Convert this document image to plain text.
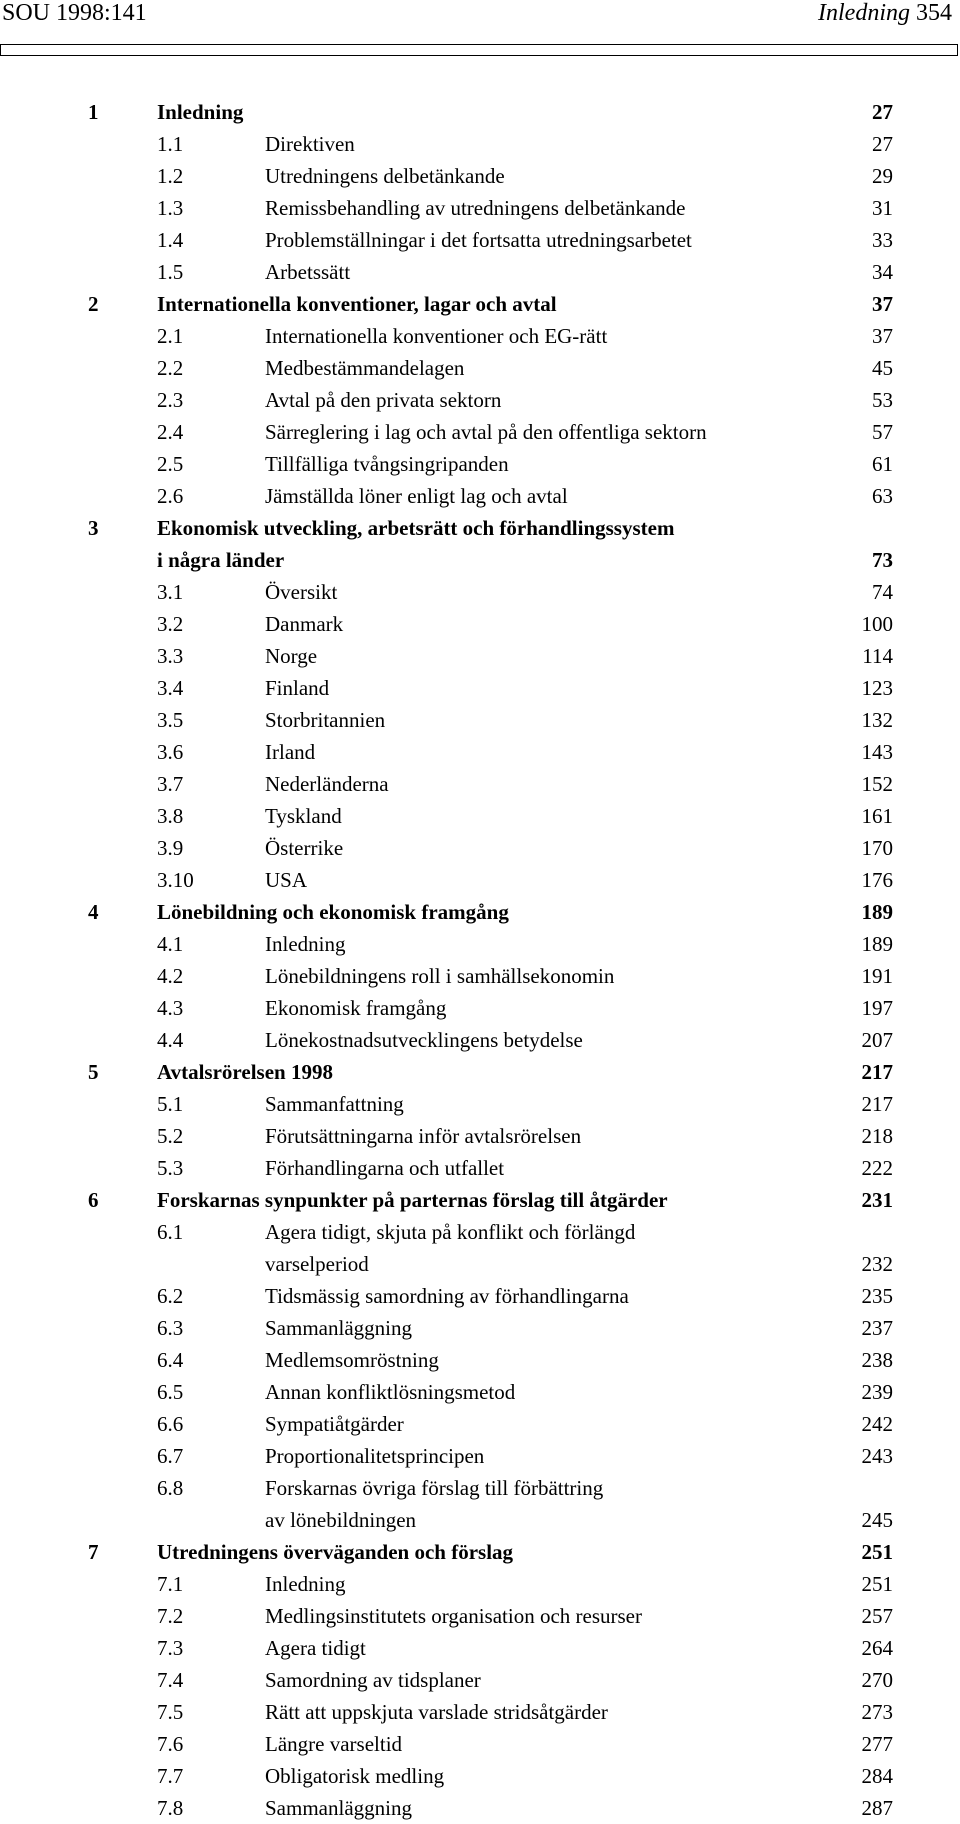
SOU 1998:141	Inledning 354
1	Inledning	27
1.1	Direktiven	27
1.2	Utredningens delbetänkande	29
1.3	Remissbehandling av utredningens delbetänkande	31
1.4	Problemställningar i det fortsatta utredningsarbetet	33
1.5	Arbetssätt	34
2	Internationella konventioner, lagar och avtal	37
2.1	Internationella konventioner och EG-rätt	37
2.2	Medbestämmandelagen	45
2.3	Avtal på den privata sektorn	53
2.4	Särreglering i lag och avtal på den offentliga sektorn	57
2.5	Tillfälliga tvångsingripanden	61
2.6	Jämställda löner enligt lag och avtal	63
3	Ekonomisk utveckling, arbetsrätt och förhandlingssystem
i några länder	73
3.1	Översikt	74
3.2	Danmark	100
3.3	Norge	114
3.4	Finland	123
3.5	Storbritannien	132
3.6	Irland	143
3.7	Nederländerna	152
3.8	Tyskland	161
3.9	Österrike	170
3.10	USA	176
4	Lönebildning och ekonomisk framgång	189
4.1	Inledning	189
4.2	Lönebildningens roll i samhällsekonomin	191
4.3	Ekonomisk framgång	197
4.4	Lönekostnadsutvecklingens betydelse	207
5	Avtalsrörelsen 1998	217
5.1	Sammanfattning	217
5.2	Förutsättningarna inför avtalsrörelsen	218
5.3	Förhandlingarna och utfallet	222
6	Forskarnas synpunkter på parternas förslag till åtgärder	231
6.1	Agera tidigt, skjuta på konflikt och förlängd
varselperiod	232
6.2	Tidsmässig samordning av förhandlingarna	235
6.3	Sammanläggning	237
6.4	Medlemsomröstning	238
6.5	Annan konfliktlösningsmetod	239
6.6	Sympatiåtgärder	242
6.7	Proportionalitetsprincipen	243
6.8	Forskarnas övriga förslag till förbättring
av lönebildningen	245
7	Utredningens överväganden och förslag	251
7.1	Inledning	251
7.2	Medlingsinstitutets organisation och resurser	257
7.3	Agera tidigt	264
7.4	Samordning av tidsplaner	270
7.5	Rätt att uppskjuta varslade stridsåtgärder	273
7.6	Längre varseltid	277
7.7	Obligatorisk medling	284
7.8	Sammanläggning	287
